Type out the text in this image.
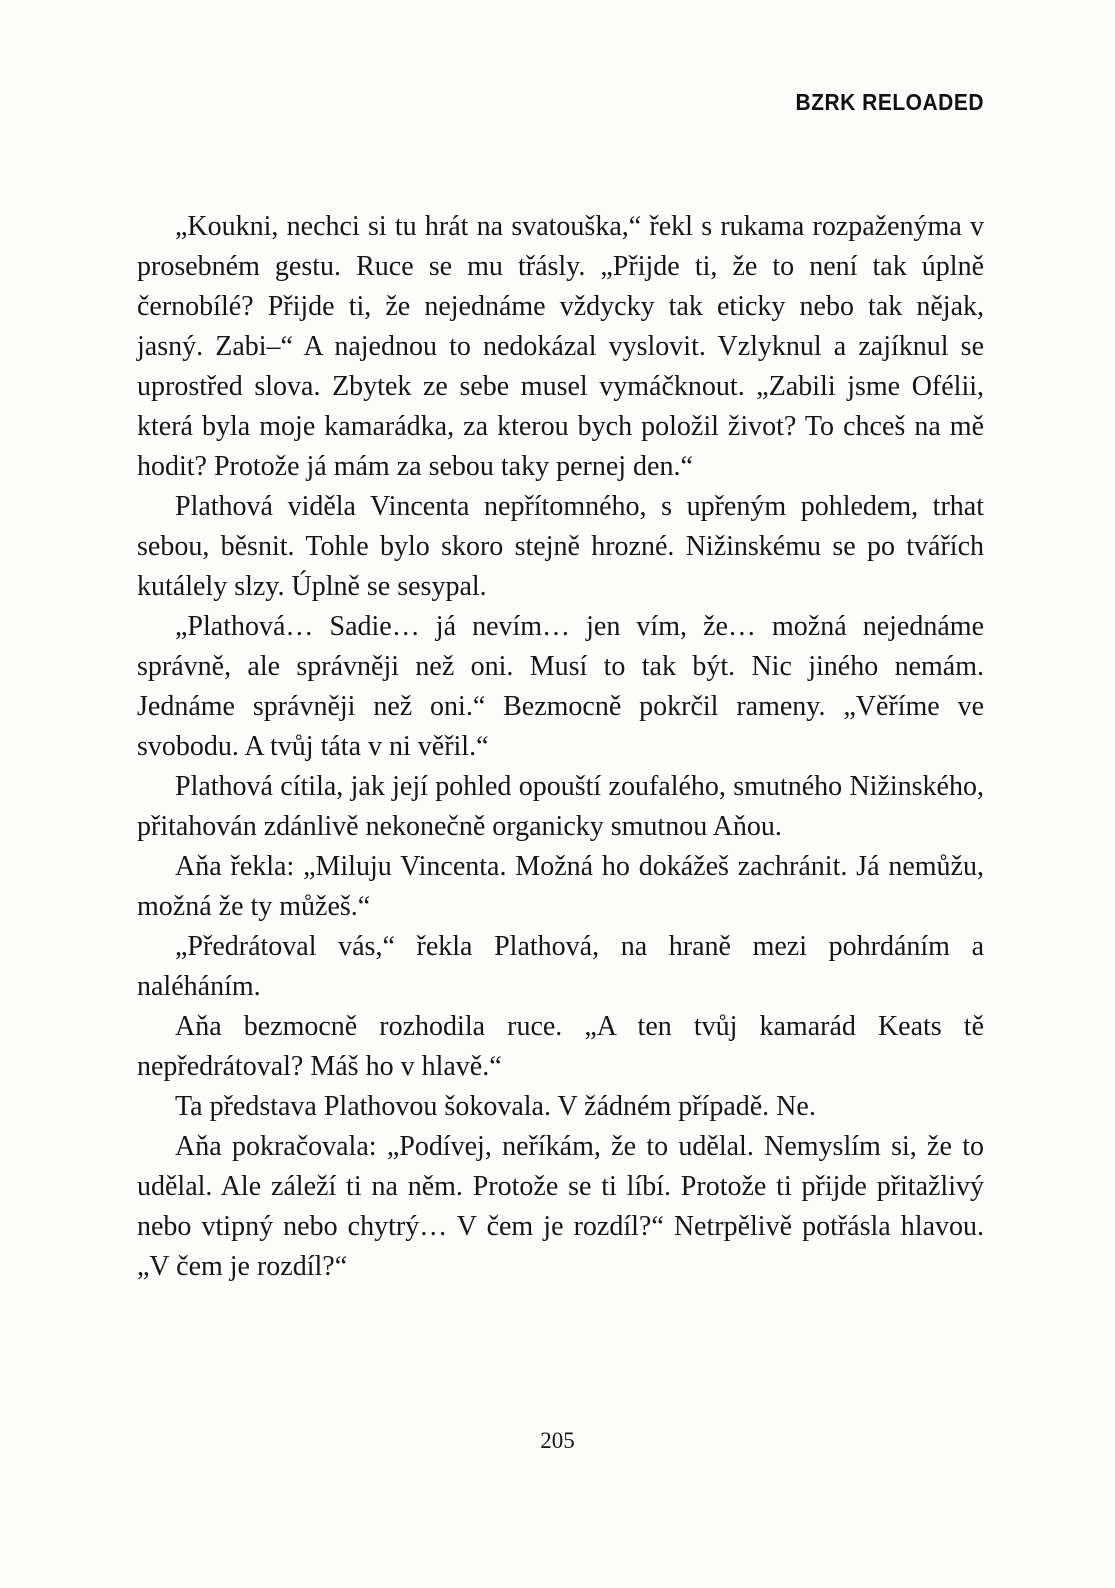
BZRK RELOADED

„Koukni, nechci si tu hrát na svatouška,“ řekl s rukama rozpaženýma v prosebném gestu. Ruce se mu třásly. „Přijde ti, že to není tak úplně černobílé? Přijde ti, že nejednáme vždycky tak eticky nebo tak nějak, jasný. Zabi–“ A najednou to nedokázal vyslovit. Vzlyknul a zajíknul se uprostřed slova. Zbytek ze sebe musel vymáčknout. „Zabili jsme Ofélii, která byla moje kamarádka, za kterou bych položil život? To chceš na mě hodit? Protože já mám za sebou taky pernej den.“

Plathová viděla Vincenta nepřítomného, s upřeným pohledem, trhat sebou, běsnit. Tohle bylo skoro stejně hrozné. Nižinskému se po tvářích kutálely slzy. Úplně se sesypal.

„Plathová… Sadie… já nevím… jen vím, že… možná nejednáme správně, ale správněji než oni. Musí to tak být. Nic jiného nemám. Jednáme správněji než oni.“ Bezmocně pokrčil rameny. „Věříme ve svobodu. A tvůj táta v ni věřil.“

Plathová cítila, jak její pohled opouští zoufalého, smutného Nižinského, přitahován zdánlivě nekonečně organicky smutnou Aňou.

Aňa řekla: „Miluju Vincenta. Možná ho dokážeš zachránit. Já nemůžu, možná že ty můžeš.“

„Předrátoval vás,“ řekla Plathová, na hraně mezi pohrdáním a naléháním.

Aňa bezmocně rozhodila ruce. „A ten tvůj kamarád Keats tě nepředrátoval? Máš ho v hlavě.“

Ta představa Plathovou šokovala. V žádném případě. Ne.

Aňa pokračovala: „Podívej, neříkám, že to udělal. Nemyslím si, že to udělal. Ale záleží ti na něm. Protože se ti líbí. Protože ti přijde přitažlivý nebo vtipný nebo chytrý… V čem je rozdíl?“ Netrpělivě potřásla hlavou. „V čem je rozdíl?“

205
